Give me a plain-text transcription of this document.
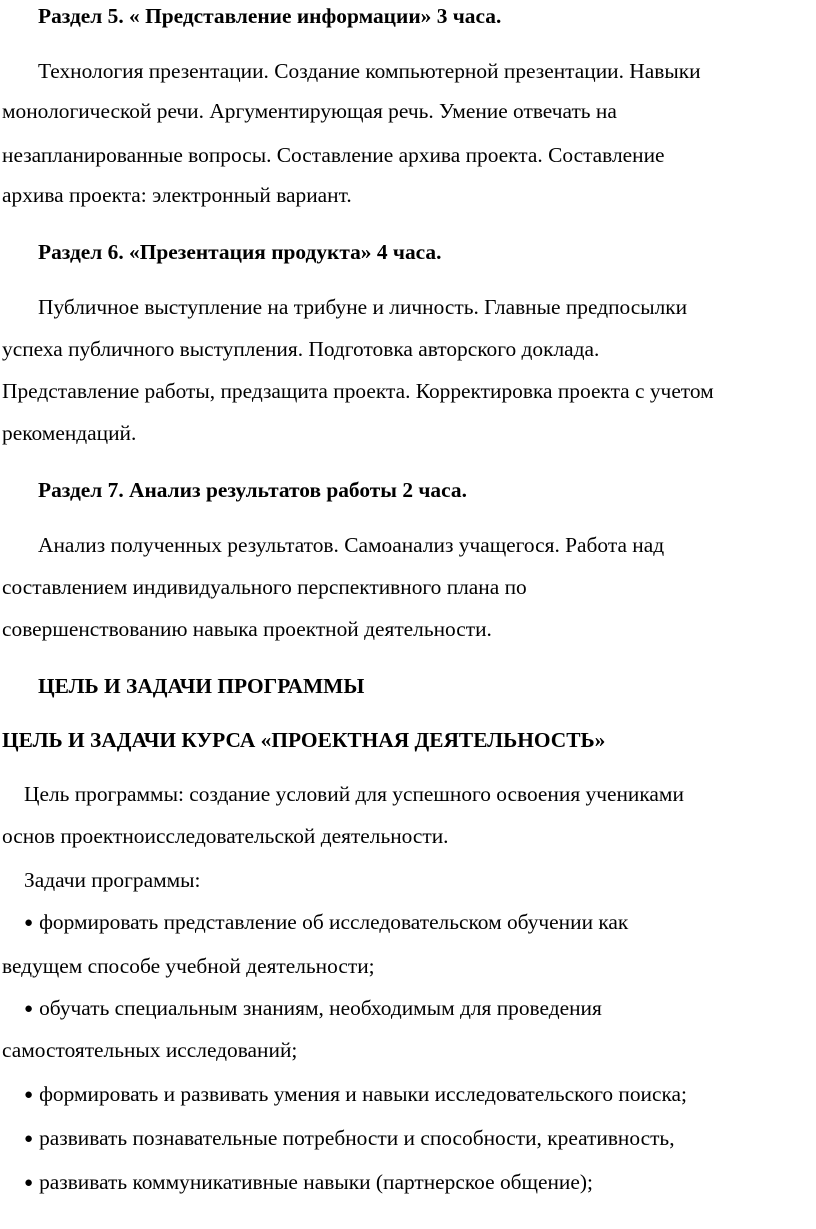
Раздел 5. « Представление информации» 3 часа.
Технология презентации. Создание компьютерной презентации. Навыки
монологической речи. Аргументирующая речь. Умение отвечать на
незапланированные вопросы. Составление архива проекта. Составление
архива проекта: электронный вариант.
Раздел 6. «Презентация продукта» 4 часа.
Публичное выступление на трибуне и личность. Главные предпосылки
успеха публичного выступления. Подготовка авторского доклада.
Представление работы, предзащита проекта. Корректировка проекта с учетом
рекомендаций.
Раздел 7. Анализ результатов работы 2 часа.
Анализ полученных результатов. Самоанализ учащегося. Работа над
составлением индивидуального перспективного плана по
совершенствованию навыка проектной деятельности.
ЦЕЛЬ И ЗАДАЧИ ПРОГРАММЫ
ЦЕЛЬ И ЗАДАЧИ КУРСА «ПРОЕКТНАЯ ДЕЯТЕЛЬНОСТЬ»
Цель программы: создание условий для успешного освоения учениками
основ проектноисследовательской деятельности.
Задачи программы:
● формировать представление об исследовательском обучении как
ведущем способе учебной деятельности;
● обучать специальным знаниям, необходимым для проведения
самостоятельных исследований;
● формировать и развивать умения и навыки исследовательского поиска;
● развивать познавательные потребности и способности, креативность,
● развивать коммуникативные навыки (партнерское общение);
